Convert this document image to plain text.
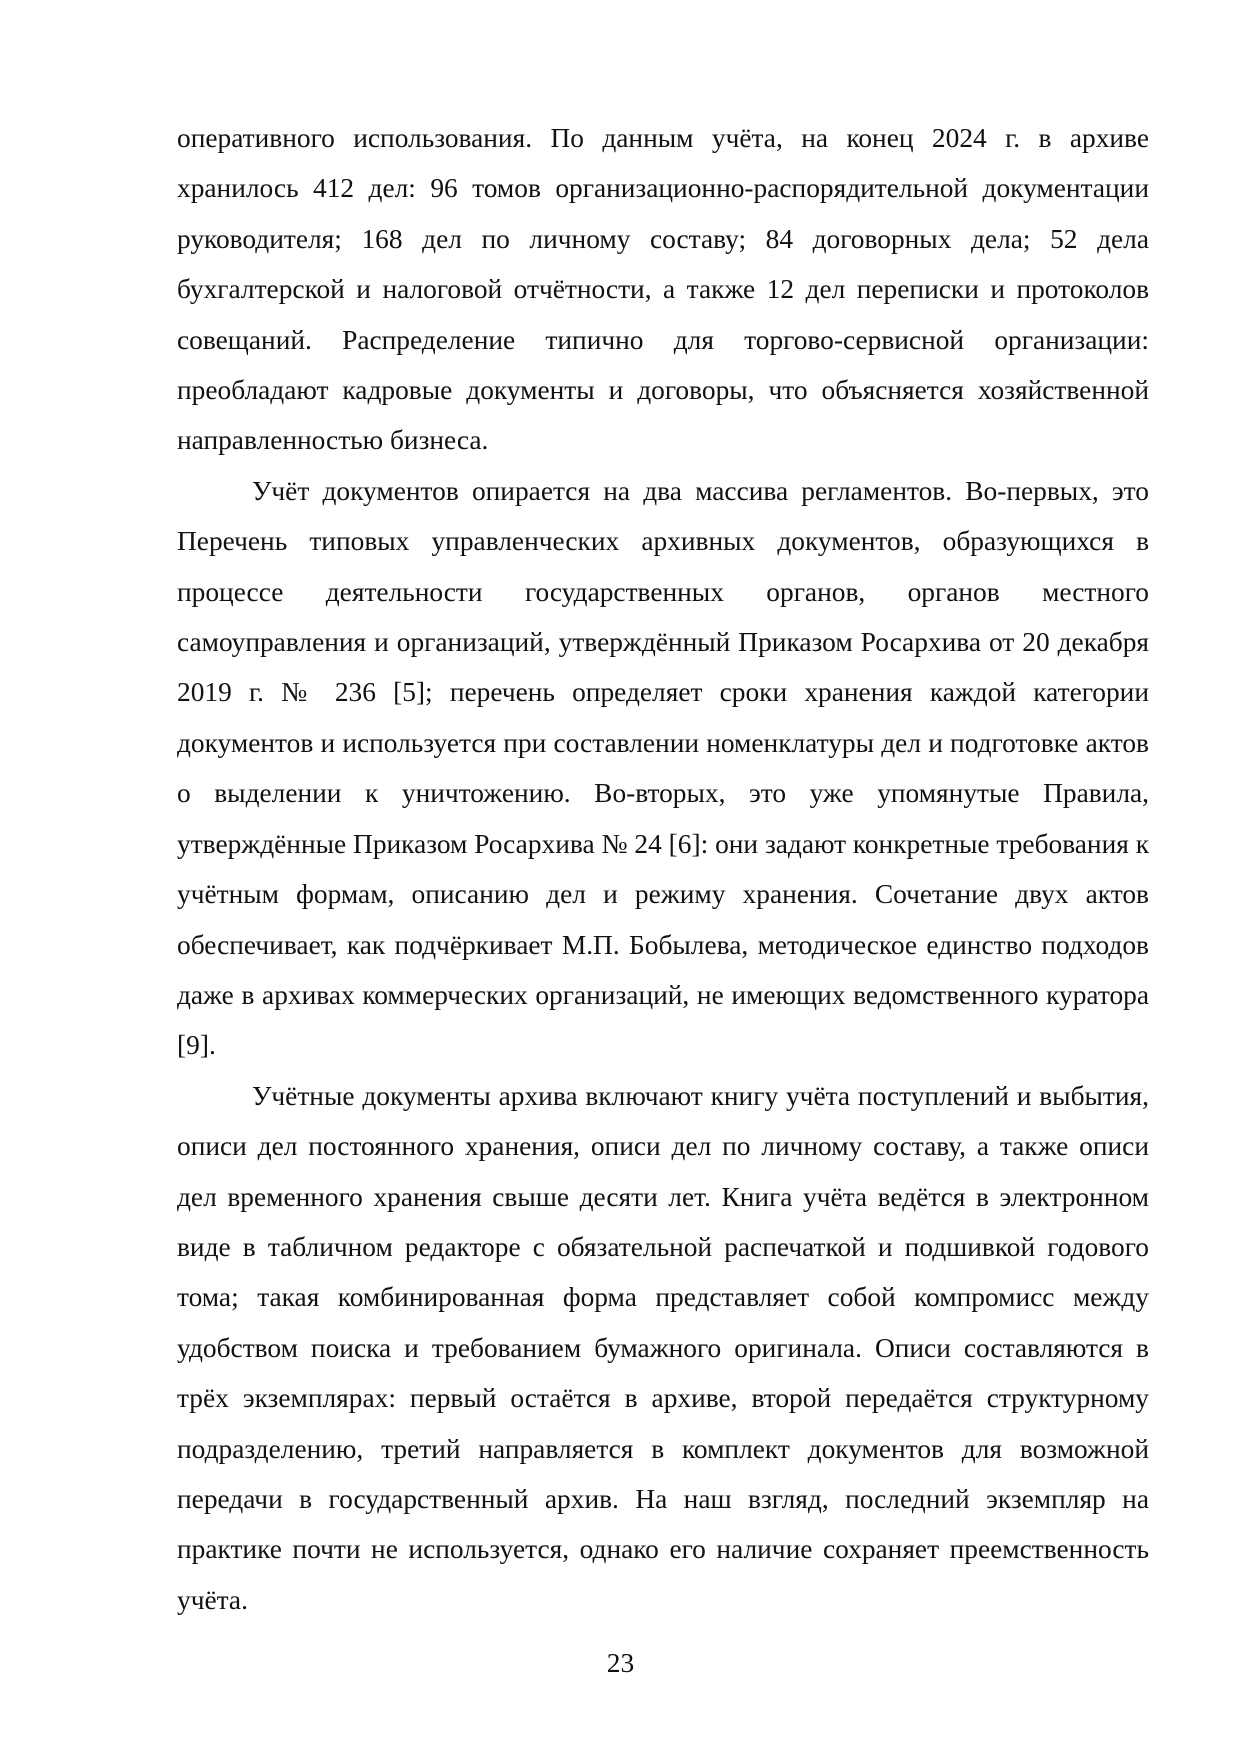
оперативного использования. По данным учёта, на конец 2024 г. в архиве хранилось 412 дел: 96 томов организационно-распорядительной документации руководителя; 168 дел по личному составу; 84 договорных дела; 52 дела бухгалтерской и налоговой отчётности, а также 12 дел переписки и протоколов совещаний. Распределение типично для торгово-сервисной организации: преобладают кадровые документы и договоры, что объясняется хозяйственной направленностью бизнеса.

Учёт документов опирается на два массива регламентов. Во-первых, это Перечень типовых управленческих архивных документов, образующихся в процессе деятельности государственных органов, органов местного самоуправления и организаций, утверждённый Приказом Росархива от 20 декабря 2019 г. № 236 [5]; перечень определяет сроки хранения каждой категории документов и используется при составлении номенклатуры дел и подготовке актов о выделении к уничтожению. Во-вторых, это уже упомянутые Правила, утверждённые Приказом Росархива № 24 [6]: они задают конкретные требования к учётным формам, описанию дел и режиму хранения. Сочетание двух актов обеспечивает, как подчёркивает М.П. Бобылева, методическое единство подходов даже в архивах коммерческих организаций, не имеющих ведомственного куратора [9].

Учётные документы архива включают книгу учёта поступлений и выбытия, описи дел постоянного хранения, описи дел по личному составу, а также описи дел временного хранения свыше десяти лет. Книга учёта ведётся в электронном виде в табличном редакторе с обязательной распечаткой и подшивкой годового тома; такая комбинированная форма представляет собой компромисс между удобством поиска и требованием бумажного оригинала. Описи составляются в трёх экземплярах: первый остаётся в архиве, второй передаётся структурному подразделению, третий направляется в комплект документов для возможной передачи в государственный архив. На наш взгляд, последний экземпляр на практике почти не используется, однако его наличие сохраняет преемственность учёта.

23
